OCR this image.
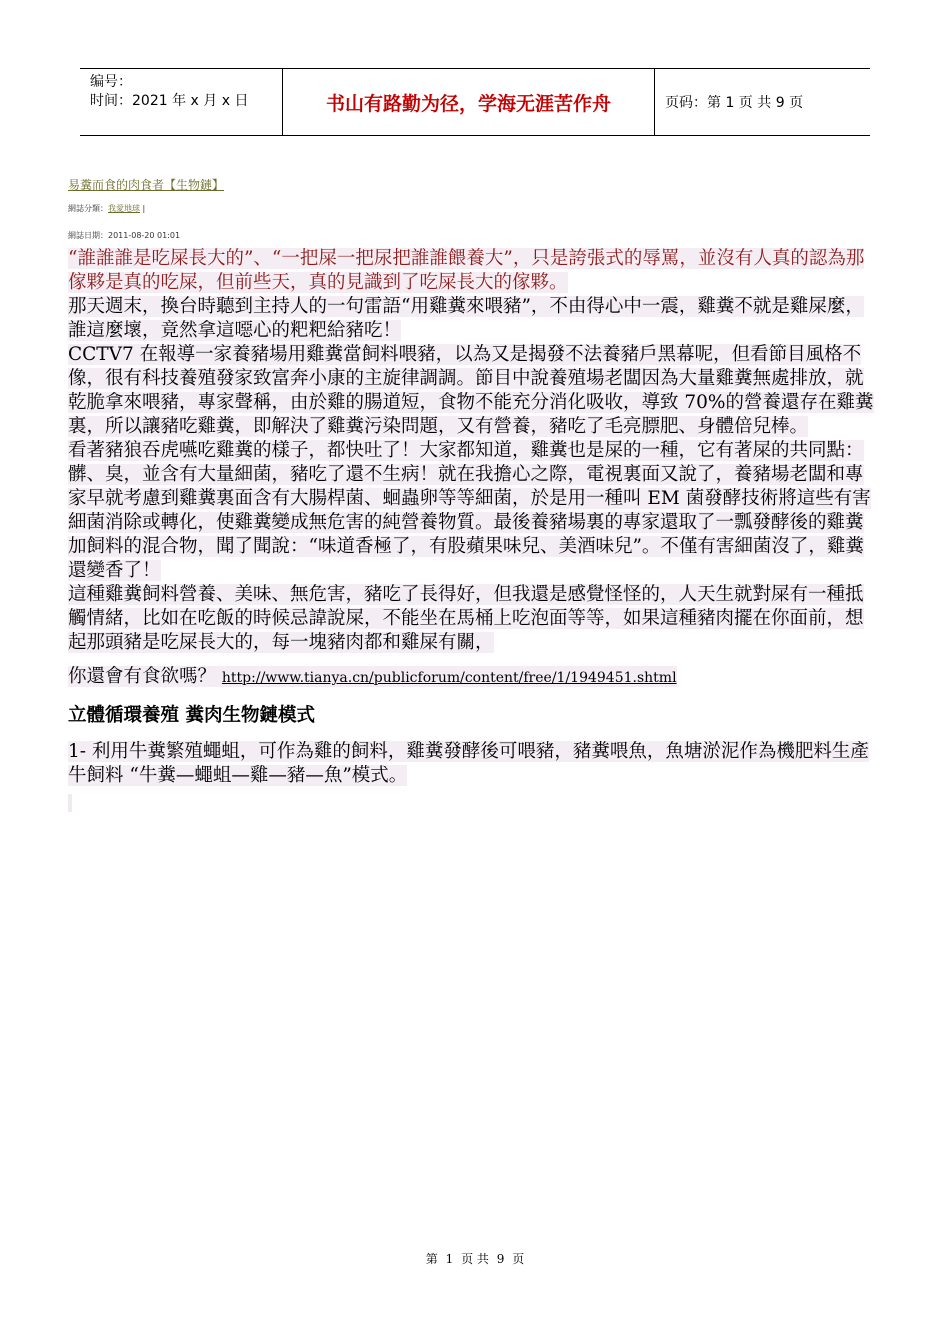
编号：
时间：2021 年 x 月 x 日	书山有路勤为径，学海无涯苦作舟	页码：第 1 页 共 9 页
易糞而食的肉食者【生物鏈】
網誌分類：我愛地球 |
網誌日期：2011-08-20 01:01

“誰誰誰是吃屎長大的”、“一把屎一把尿把誰誰餵養大”，只是誇張式的辱罵，並沒有人真的認為那傢夥是真的吃屎，但前些天，真的見識到了吃屎長大的傢夥。

那天週末，換台時聽到主持人的一句雷語“用雞糞來喂豬”，不由得心中一震，雞糞不就是雞屎麼，誰這麼壞，竟然拿這噁心的粑粑給豬吃！

CCTV7 在報導一家養豬場用雞糞當飼料喂豬，以為又是揭發不法養豬戶黑幕呢，但看節目風格不像，很有科技養殖發家致富奔小康的主旋律調調。節目中說養殖場老闆因為大量雞糞無處排放，就乾脆拿來喂豬，專家聲稱，由於雞的腸道短，食物不能充分消化吸收，導致 70%的營養還存在雞糞裏，所以讓豬吃雞糞，即解決了雞糞污染問題，又有營養，豬吃了毛亮膘肥、身體倍兒棒。

看著豬狼吞虎嚥吃雞糞的樣子，都快吐了！大家都知道，雞糞也是屎的一種，它有著屎的共同點：髒、臭，並含有大量細菌，豬吃了還不生病！就在我擔心之際，電視裏面又說了，養豬場老闆和專家早就考慮到雞糞裏面含有大腸桿菌、蛔蟲卵等等細菌，於是用一種叫 EM 菌發酵技術將這些有害細菌消除或轉化，使雞糞變成無危害的純營養物質。最後養豬場裏的專家還取了一瓢發酵後的雞糞加飼料的混合物，聞了聞說：“味道香極了，有股蘋果味兒、美酒味兒”。不僅有害細菌沒了，雞糞還變香了！

這種雞糞飼料營養、美味、無危害，豬吃了長得好，但我還是感覺怪怪的，人天生就對屎有一種抵觸情緒，比如在吃飯的時候忌諱說屎，不能坐在馬桶上吃泡面等等，如果這種豬肉擺在你面前，想起那頭豬是吃屎長大的，每一塊豬肉都和雞屎有關，

你還會有食欲嗎？ http://www.tianya.cn/publicforum/content/free/1/1949451.shtml

立體循環養殖 糞肉生物鏈模式

1- 利用牛糞繁殖蠅蛆，可作為雞的飼料，雞糞發酵後可喂豬，豬糞喂魚，魚塘淤泥作為機肥料生產牛飼料 “牛糞—蠅蛆—雞—豬—魚”模式。

第 1 页 共 9 页
